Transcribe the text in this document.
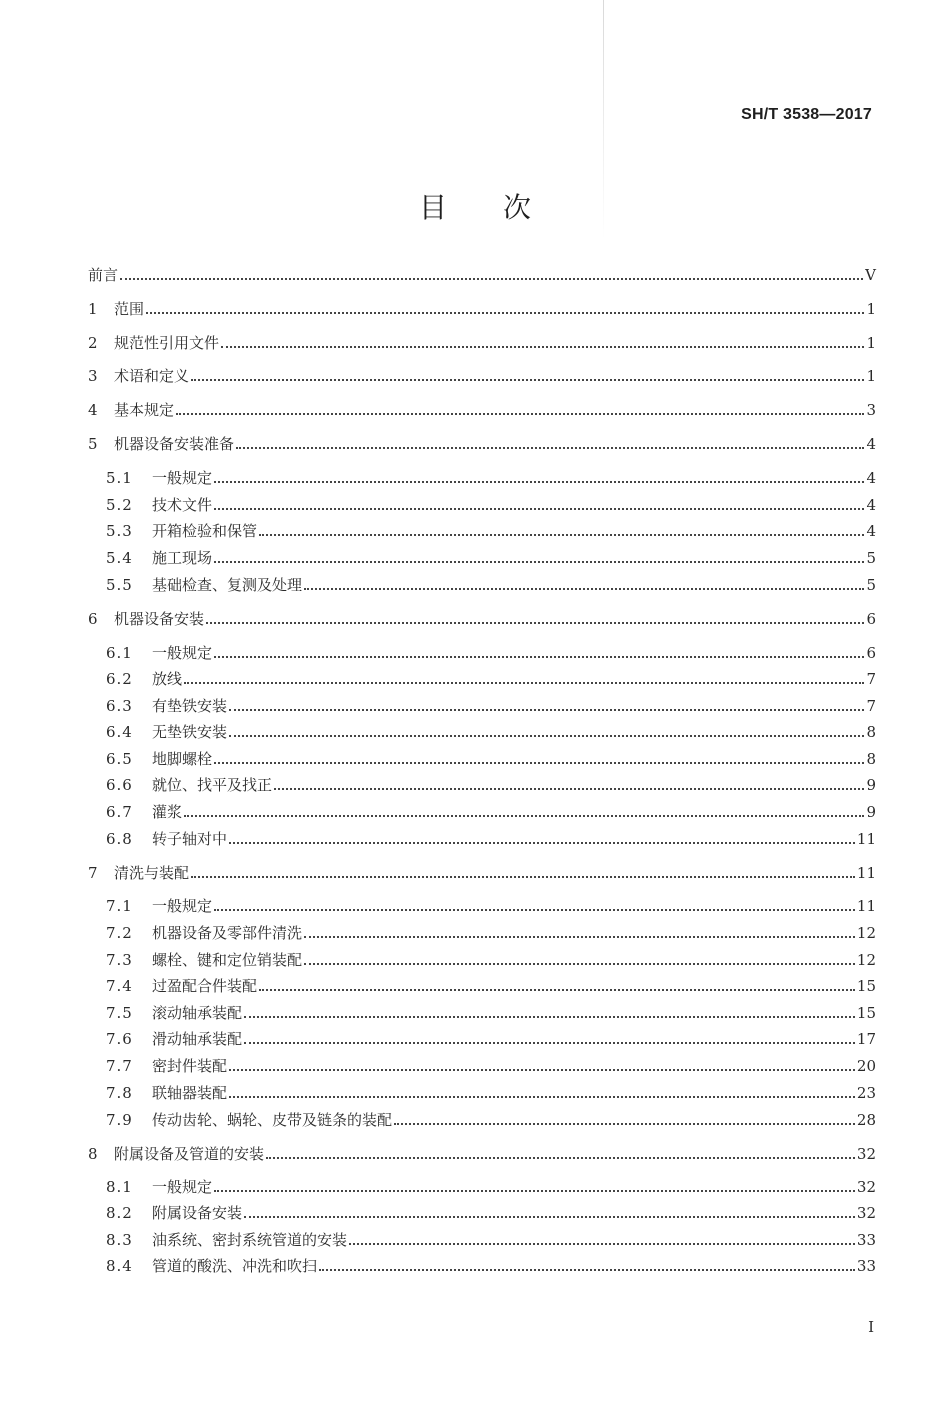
SH/T 3538—2017
目 次
前言	V
1	范围	1
2	规范性引用文件	1
3	术语和定义	1
4	基本规定	3
5	机器设备安装准备	4
5.1	一般规定	4
5.2	技术文件	4
5.3	开箱检验和保管	4
5.4	施工现场	5
5.5	基础检查、复测及处理	5
6	机器设备安装	6
6.1	一般规定	6
6.2	放线	7
6.3	有垫铁安装	7
6.4	无垫铁安装	8
6.5	地脚螺栓	8
6.6	就位、找平及找正	9
6.7	灌浆	9
6.8	转子轴对中	11
7	清洗与装配	11
7.1	一般规定	11
7.2	机器设备及零部件清洗	12
7.3	螺栓、键和定位销装配	12
7.4	过盈配合件装配	15
7.5	滚动轴承装配	15
7.6	滑动轴承装配	17
7.7	密封件装配	20
7.8	联轴器装配	23
7.9	传动齿轮、蜗轮、皮带及链条的装配	28
8	附属设备及管道的安装	32
8.1	一般规定	32
8.2	附属设备安装	32
8.3	油系统、密封系统管道的安装	33
8.4	管道的酸洗、冲洗和吹扫	33
I
